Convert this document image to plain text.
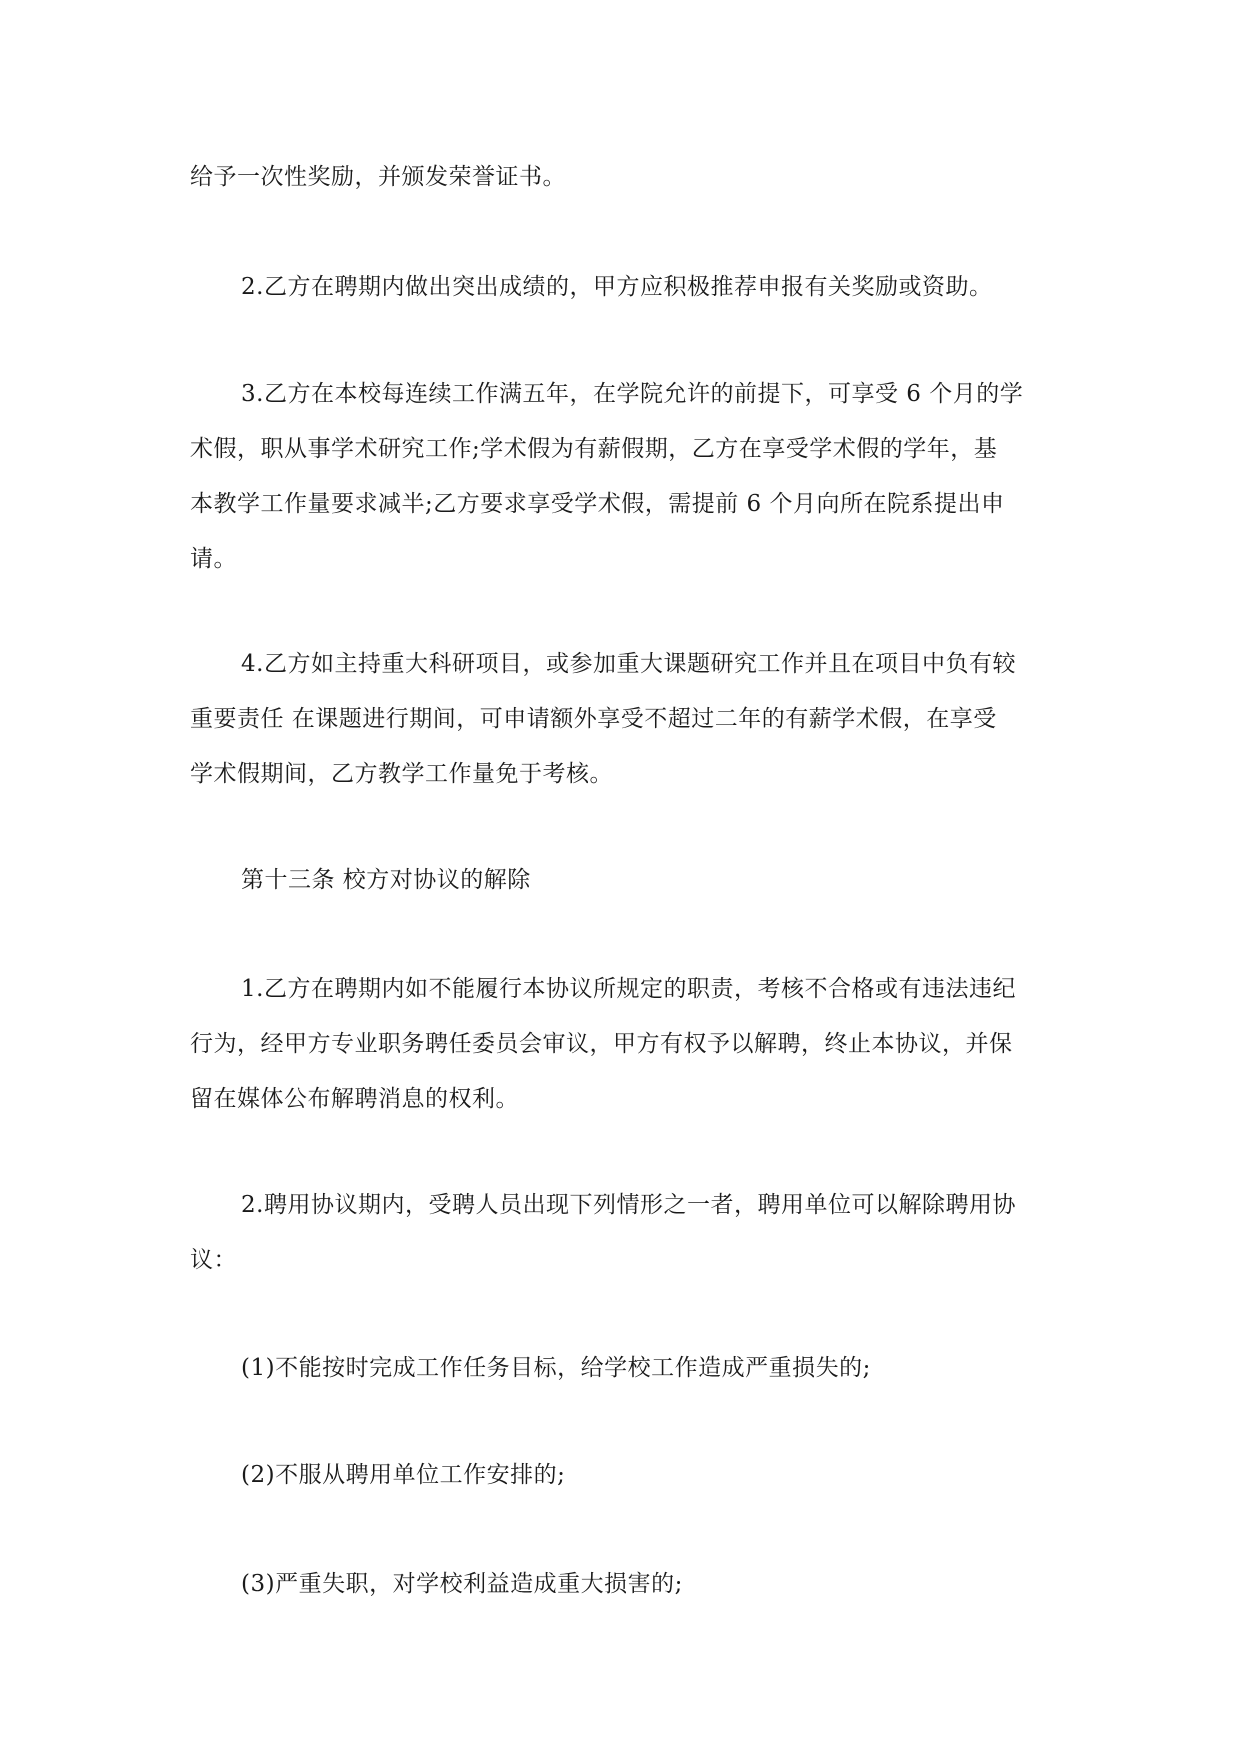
给予一次性奖励，并颁发荣誉证书。

2.乙方在聘期内做出突出成绩的，甲方应积极推荐申报有关奖励或资助。

3.乙方在本校每连续工作满五年，在学院允许的前提下，可享受 6 个月的学
术假，职从事学术研究工作;学术假为有薪假期，乙方在享受学术假的学年，基
本教学工作量要求减半;乙方要求享受学术假，需提前 6 个月向所在院系提出申
请。

4.乙方如主持重大科研项目，或参加重大课题研究工作并且在项目中负有较
重要责任 在课题进行期间，可申请额外享受不超过二年的有薪学术假，在享受
学术假期间，乙方教学工作量免于考核。

第十三条 校方对协议的解除

1.乙方在聘期内如不能履行本协议所规定的职责，考核不合格或有违法违纪
行为，经甲方专业职务聘任委员会审议，甲方有权予以解聘，终止本协议，并保
留在媒体公布解聘消息的权利。

2.聘用协议期内，受聘人员出现下列情形之一者，聘用单位可以解除聘用协
议：

(1)不能按时完成工作任务目标，给学校工作造成严重损失的;

(2)不服从聘用单位工作安排的;

(3)严重失职，对学校利益造成重大损害的;
